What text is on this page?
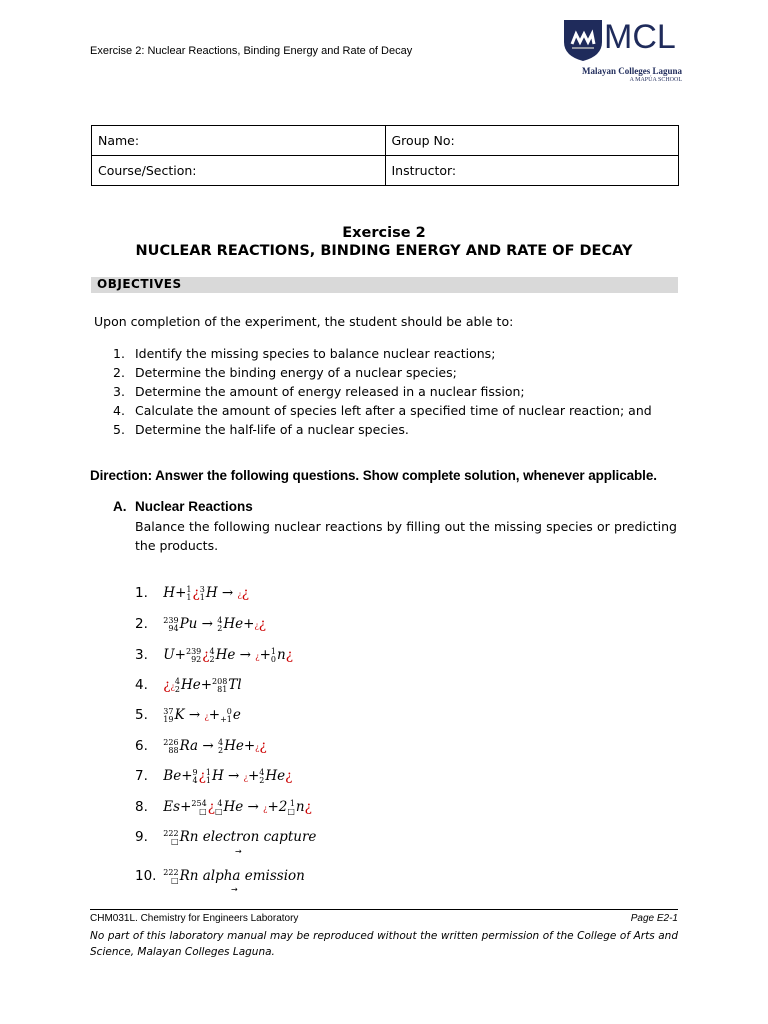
Exercise 2: Nuclear Reactions, Binding Energy and Rate of Decay	MCL
Malayan Colleges Laguna
A MAPÚA SCHOOL
Name:	Group No:
Course/Section:	Instructor:
Exercise 2
NUCLEAR REACTIONS, BINDING ENERGY AND RATE OF DECAY
OBJECTIVES
Upon completion of the experiment, the student should be able to:
1. Identify the missing species to balance nuclear reactions;
2. Determine the binding energy of a nuclear species;
3. Determine the amount of energy released in a nuclear fission;
4. Calculate the amount of species left after a specified time of nuclear reaction; and
5. Determine the half-life of a nuclear species.
Direction: Answer the following questions. Show complete solution, whenever applicable.
A. Nuclear Reactions
Balance the following nuclear reactions by filling out the missing species or predicting the products.
1. H+ 1
1 ¿ 3
1 H → ¿¿
2. 239
94 Pu → 4
2 He+¿¿
3. U+ 239
92 ¿ 4
2 He → ¿+ 1
0 n¿
4. ¿¿
4
2 He+ 208
81 Tl
5. 37
19 K → ¿+ 0
+1 e
6. 226
88 Ra → 4
2 He+¿¿
7. Be+ 9
4 ¿ 1
1 H → ¿+ 4
2 He¿
8. Es+ 254
□ ¿ 4
□ He → ¿+2 1
□ n¿
9. 222
□ Rn electron capture
→
10. 222
□ Rn alpha emission
→
CHM031L. Chemistry for Engineers Laboratory	Page E2-1
No part of this laboratory manual may be reproduced without the written permission of the College of Arts and Science, Malayan Colleges Laguna.
